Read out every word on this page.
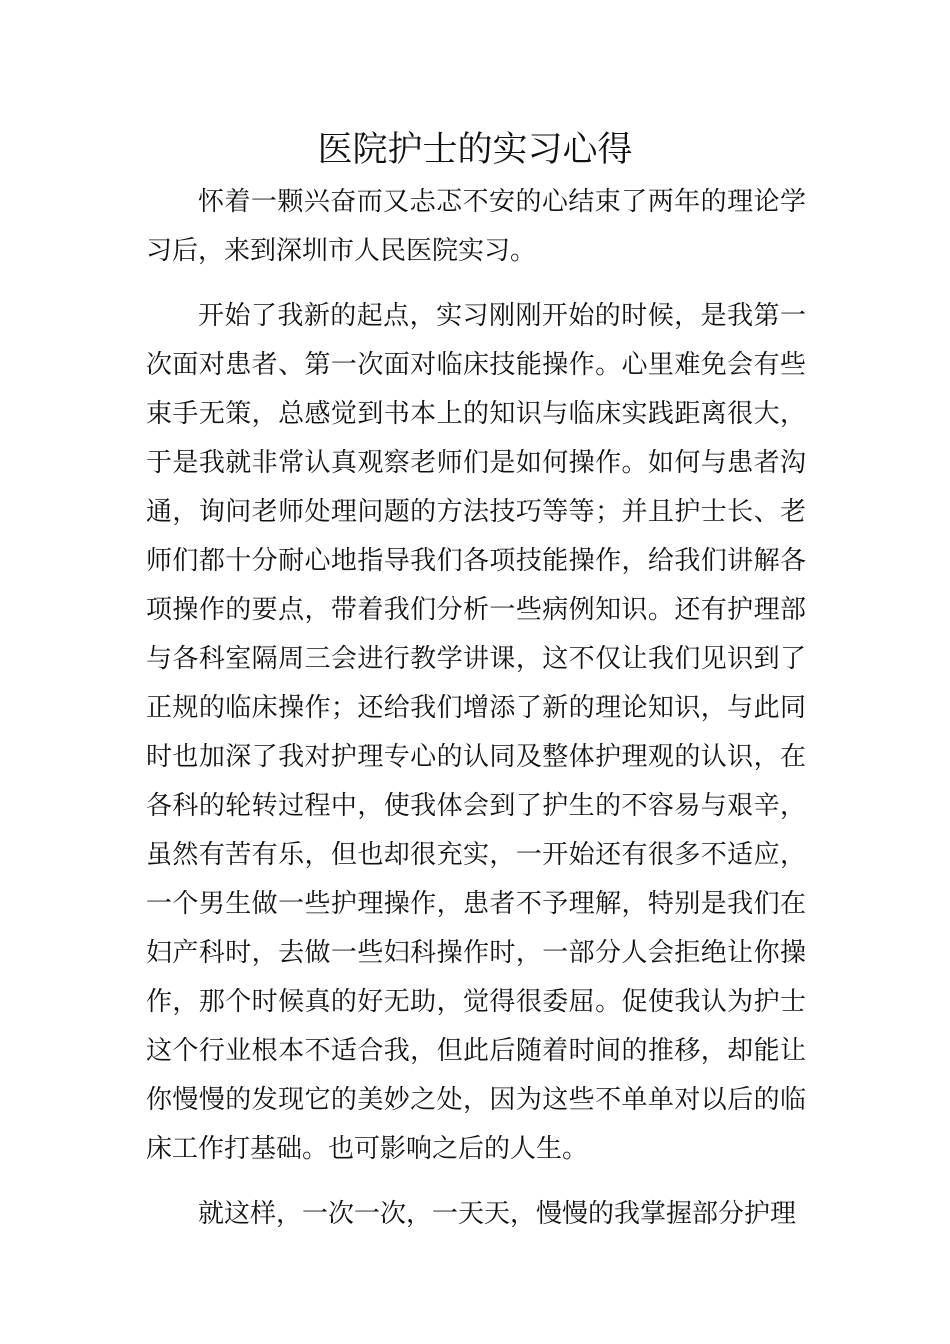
医院护士的实习心得

怀着一颗兴奋而又忐忑不安的心结束了两年的理论学习后，来到深圳市人民医院实习。

开始了我新的起点，实习刚刚开始的时候，是我第一次面对患者、第一次面对临床技能操作。心里难免会有些束手无策，总感觉到书本上的知识与临床实践距离很大，于是我就非常认真观察老师们是如何操作。如何与患者沟通，询问老师处理问题的方法技巧等等；并且护士长、老师们都十分耐心地指导我们各项技能操作，给我们讲解各项操作的要点，带着我们分析一些病例知识。还有护理部与各科室隔周三会进行教学讲课，这不仅让我们见识到了正规的临床操作；还给我们增添了新的理论知识，与此同时也加深了我对护理专心的认同及整体护理观的认识，在各科的轮转过程中，使我体会到了护生的不容易与艰辛，虽然有苦有乐，但也却很充实，一开始还有很多不适应，一个男生做一些护理操作，患者不予理解，特别是我们在妇产科时，去做一些妇科操作时，一部分人会拒绝让你操作，那个时候真的好无助，觉得很委屈。促使我认为护士这个行业根本不适合我，但此后随着时间的推移，却能让你慢慢的发现它的美妙之处，因为这些不单单对以后的临床工作打基础。也可影响之后的人生。

就这样，一次一次，一天天，慢慢的我掌握部分护理
